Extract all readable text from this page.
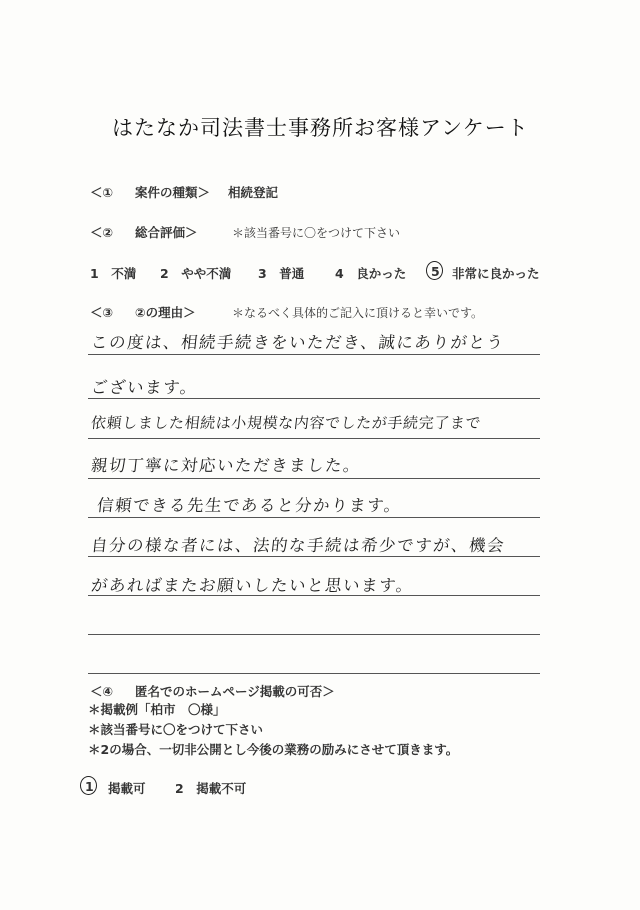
はたなか司法書士事務所お客様アンケート
＜① 案件の種類＞ 相続登記
＜② 総合評価＞	＊該当番号に〇をつけて下さい
1　不満 2　やや不満 3　普通 4　良かった 5 非常に良かった
＜③ ②の理由＞	＊なるべく具体的ご記入に頂けると幸いです。
この度は、相続手続きをいただき、誠にありがとう
ございます。
依頼しました相続は小規模な内容でしたが手続完了まで
親切丁寧に対応いただきました。
信頼できる先生であると分かります。
自分の様な者には、法的な手続は希少ですが、機会
があればまたお願いしたいと思います。
＜④ 匿名でのホームページ掲載の可否＞
＊掲載例「柏市　〇様」
＊該当番号に〇をつけて下さい
＊2の場合、一切非公開とし今後の業務の励みにさせて頂きます。
1 掲載可 2　掲載不可
